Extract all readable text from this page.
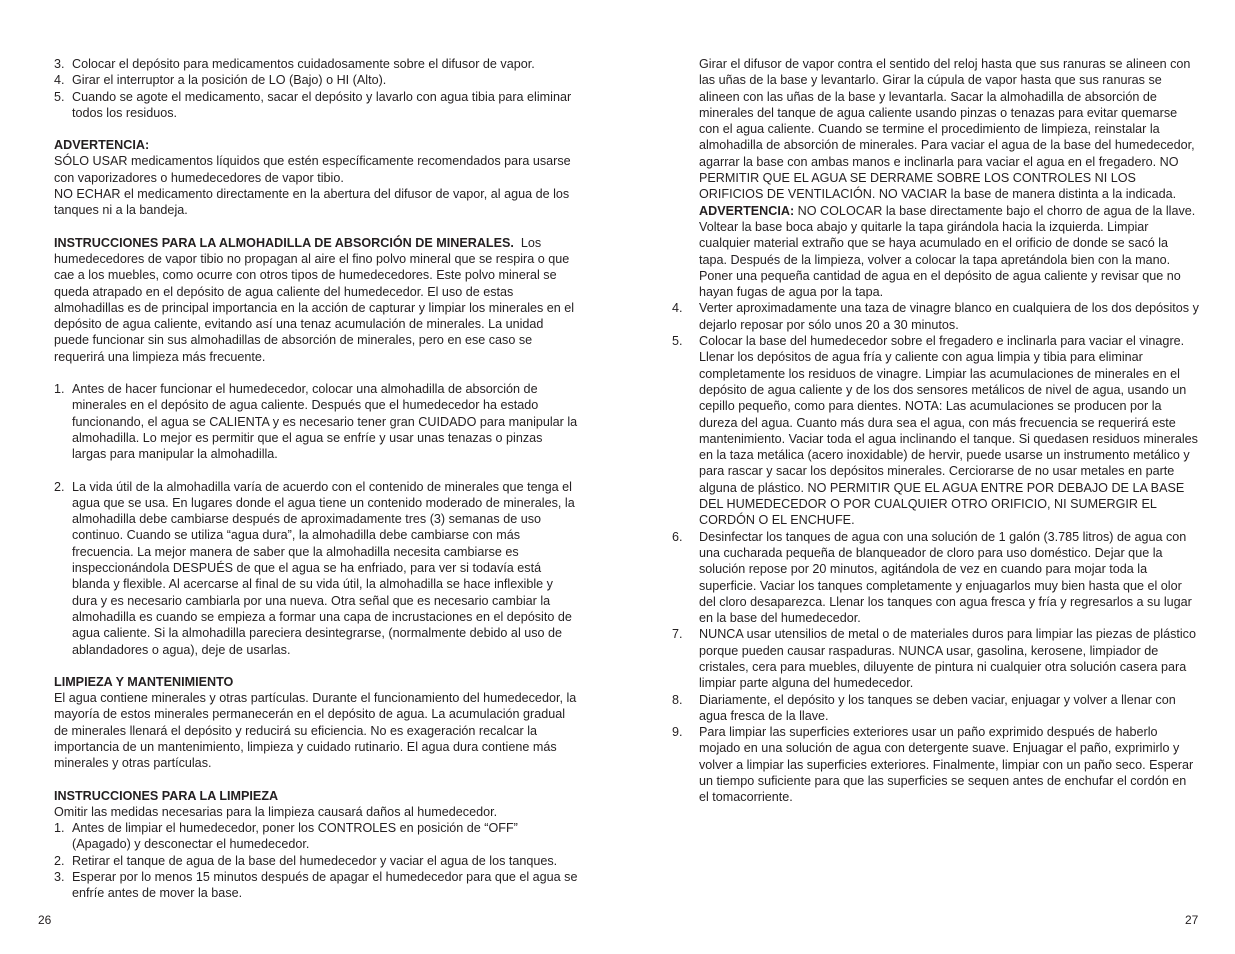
3. Colocar el depósito para medicamentos cuidadosamente sobre el difusor de vapor.
4. Girar el interruptor a la posición de LO (Bajo) o HI (Alto).
5. Cuando se agote el medicamento, sacar el depósito y lavarlo con agua tibia para eliminar todos los residuos.

ADVERTENCIA:

SÓLO USAR medicamentos líquidos que estén específicamente recomendados para usarse con vaporizadores o humedecedores de vapor tibio.

NO ECHAR el medicamento directamente en la abertura del difusor de vapor, al agua de los tanques ni a la bandeja.

INSTRUCCIONES PARA LA ALMOHADILLA DE ABSORCIÓN DE MINERALES. Los humedecedores de vapor tibio no propagan al aire el fino polvo mineral que se respira o que cae a los muebles, como ocurre con otros tipos de humedecedores. Este polvo mineral se queda atrapado en el depósito de agua caliente del humedecedor. El uso de estas almohadillas es de principal importancia en la acción de capturar y limpiar los minerales en el depósito de agua caliente, evitando así una tenaz acumulación de minerales. La unidad puede funcionar sin sus almohadillas de absorción de minerales, pero en ese caso se requerirá una limpieza más frecuente.

1. Antes de hacer funcionar el humedecedor, colocar una almohadilla de absorción de minerales en el depósito de agua caliente. Después que el humedecedor ha estado funcionando, el agua se CALIENTA y es necesario tener gran CUIDADO para manipular la almohadilla. Lo mejor es permitir que el agua se enfríe y usar unas tenazas o pinzas largas para manipular la almohadilla.
2. La vida útil de la almohadilla varía de acuerdo con el contenido de minerales que tenga el agua que se usa. En lugares donde el agua tiene un contenido moderado de minerales, la almohadilla debe cambiarse después de aproximadamente tres (3) semanas de uso continuo. Cuando se utiliza “agua dura”, la almohadilla debe cambiarse con más frecuencia. La mejor manera de saber que la almohadilla necesita cambiarse es inspeccionándola DESPUÉS de que el agua se ha enfriado, para ver si todavía está blanda y flexible. Al acercarse al final de su vida útil, la almohadilla se hace inflexible y dura y es necesario cambiarla por una nueva. Otra señal que es necesario cambiar la almohadilla es cuando se empieza a formar una capa de incrustaciones en el depósito de agua caliente. Si la almohadilla pareciera desintegrarse, (normalmente debido al uso de ablandadores o agua), deje de usarlas.

LIMPIEZA Y MANTENIMIENTO

El agua contiene minerales y otras partículas. Durante el funcionamiento del humedecedor, la mayoría de estos minerales permanecerán en el depósito de agua. La acumulación gradual de minerales llenará el depósito y reducirá su eficiencia. No es exageración recalcar la importancia de un mantenimiento, limpieza y cuidado rutinario. El agua dura contiene más minerales y otras partículas.

INSTRUCCIONES PARA LA LIMPIEZA

Omitir las medidas necesarias para la limpieza causará daños al humedecedor.

1. Antes de limpiar el humedecedor, poner los CONTROLES en posición de “OFF” (Apagado) y desconectar el humedecedor.
2. Retirar el tanque de agua de la base del humedecedor y vaciar el agua de los tanques.
3. Esperar por lo menos 15 minutos después de apagar el humedecedor para que el agua se enfríe antes de mover la base.
26

Girar el difusor de vapor contra el sentido del reloj hasta que sus ranuras se alineen con las uñas de la base y levantarlo. Girar la cúpula de vapor hasta que sus ranuras se alineen con las uñas de la base y levantarla. Sacar la almohadilla de absorción de minerales del tanque de agua caliente usando pinzas o tenazas para evitar quemarse con el agua caliente. Cuando se termine el procedimiento de limpieza, reinstalar la almohadilla de absorción de minerales. Para vaciar el agua de la base del humedecedor, agarrar la base con ambas manos e inclinarla para vaciar el agua en el fregadero. NO PERMITIR QUE EL AGUA SE DERRAME SOBRE LOS CONTROLES NI LOS ORIFICIOS DE VENTILACIÓN. NO VACIAR la base de manera distinta a la indicada. ADVERTENCIA: NO COLOCAR la base directamente bajo el chorro de agua de la llave. Voltear la base boca abajo y quitarle la tapa girándola hacia la izquierda. Limpiar cualquier material extraño que se haya acumulado en el orificio de donde se sacó la tapa. Después de la limpieza, volver a colocar la tapa apretándola bien con la mano. Poner una pequeña cantidad de agua en el depósito de agua caliente y revisar que no hayan fugas de agua por la tapa.

4. Verter aproximadamente una taza de vinagre blanco en cualquiera de los dos depósitos y dejarlo reposar por sólo unos 20 a 30 minutos.
5. Colocar la base del humedecedor sobre el fregadero e inclinarla para vaciar el vinagre. Llenar los depósitos de agua fría y caliente con agua limpia y tibia para eliminar completamente los residuos de vinagre. Limpiar las acumulaciones de minerales en el depósito de agua caliente y de los dos sensores metálicos de nivel de agua, usando un cepillo pequeño, como para dientes. NOTA: Las acumulaciones se producen por la dureza del agua. Cuanto más dura sea el agua, con más frecuencia se requerirá este mantenimiento. Vaciar toda el agua inclinando el tanque. Si quedasen residuos minerales en la taza metálica (acero inoxidable) de hervir, puede usarse un instrumento metálico y para rascar y sacar los depósitos minerales. Cerciorarse de no usar metales en parte alguna de plástico. NO PERMITIR QUE EL AGUA ENTRE POR DEBAJO DE LA BASE DEL HUMEDECEDOR O POR CUALQUIER OTRO ORIFICIO, NI SUMERGIR EL CORDÓN O EL ENCHUFE.
6. Desinfectar los tanques de agua con una solución de 1 galón (3.785 litros) de agua con una cucharada pequeña de blanqueador de cloro para uso doméstico. Dejar que la solución repose por 20 minutos, agitándola de vez en cuando para mojar toda la superficie. Vaciar los tanques completamente y enjuagarlos muy bien hasta que el olor del cloro desaparezca. Llenar los tanques con agua fresca y fría y regresarlos a su lugar en la base del humedecedor.
7. NUNCA usar utensilios de metal o de materiales duros para limpiar las piezas de plástico porque pueden causar raspaduras. NUNCA usar, gasolina, kerosene, limpiador de cristales, cera para muebles, diluyente de pintura ni cualquier otra solución casera para limpiar parte alguna del humedecedor.
8. Diariamente, el depósito y los tanques se deben vaciar, enjuagar y volver a llenar con agua fresca de la llave.
9. Para limpiar las superficies exteriores usar un paño exprimido después de haberlo mojado en una solución de agua con detergente suave. Enjuagar el paño, exprimirlo y volver a limpiar las superficies exteriores. Finalmente, limpiar con un paño seco. Esperar un tiempo suficiente para que las superficies se sequen antes de enchufar el cordón en el tomacorriente.
27
